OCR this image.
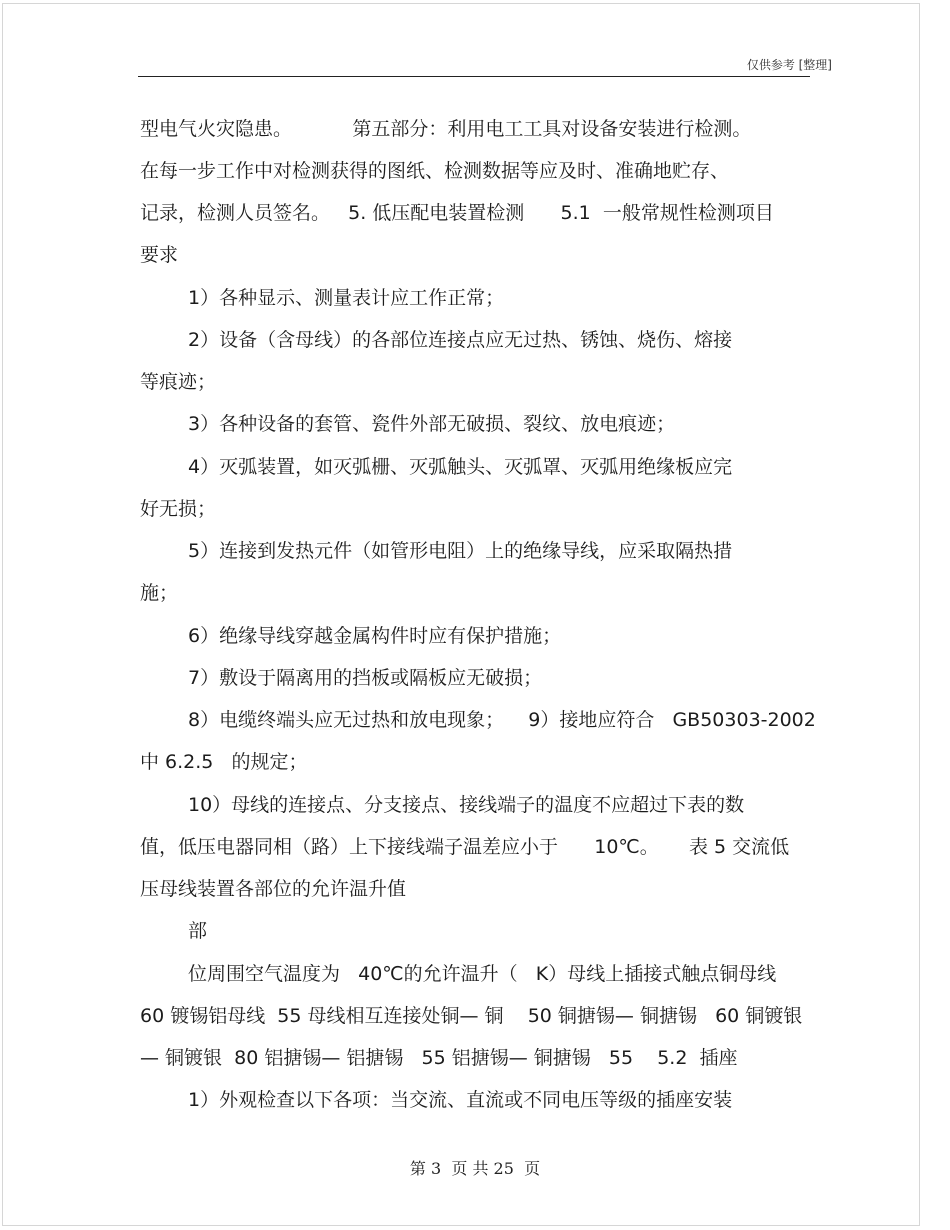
仅供参考 [整理]
型电气火灾隐患。          第五部分：利用电工工具对设备安装进行检测。
在每一步工作中对检测获得的图纸、检测数据等应及时、准确地贮存、
记录，检测人员签名。   5. 低压配电装置检测      5.1  一般常规性检测项目
要求
1）各种显示、测量表计应工作正常；
2）设备（含母线）的各部位连接点应无过热、锈蚀、烧伤、熔接
等痕迹；
3）各种设备的套管、瓷件外部无破损、裂纹、放电痕迹；
4）灭弧装置，如灭弧栅、灭弧触头、灭弧罩、灭弧用绝缘板应完
好无损；
5）连接到发热元件（如管形电阻）上的绝缘导线，应采取隔热措
施；
6）绝缘导线穿越金属构件时应有保护措施；
7）敷设于隔离用的挡板或隔板应无破损；
8）电缆终端头应无过热和放电现象；    9）接地应符合   GB50303-2002
中 6.2.5   的规定；
10）母线的连接点、分支接点、接线端子的温度不应超过下表的数
值，低压电器同相（路）上下接线端子温差应小于      10℃。     表 5 交流低
压母线装置各部位的允许温升值
部
位周围空气温度为   40℃的允许温升（   K）母线上插接式触点铜母线
60 镀锡铝母线  55 母线相互连接处铜— 铜    50 铜搪锡— 铜搪锡   60 铜镀银
— 铜镀银  80 铝搪锡— 铝搪锡   55 铝搪锡— 铜搪锡   55    5.2  插座
1）外观检查以下各项：当交流、直流或不同电压等级的插座安装
第 3  页 共 25  页
